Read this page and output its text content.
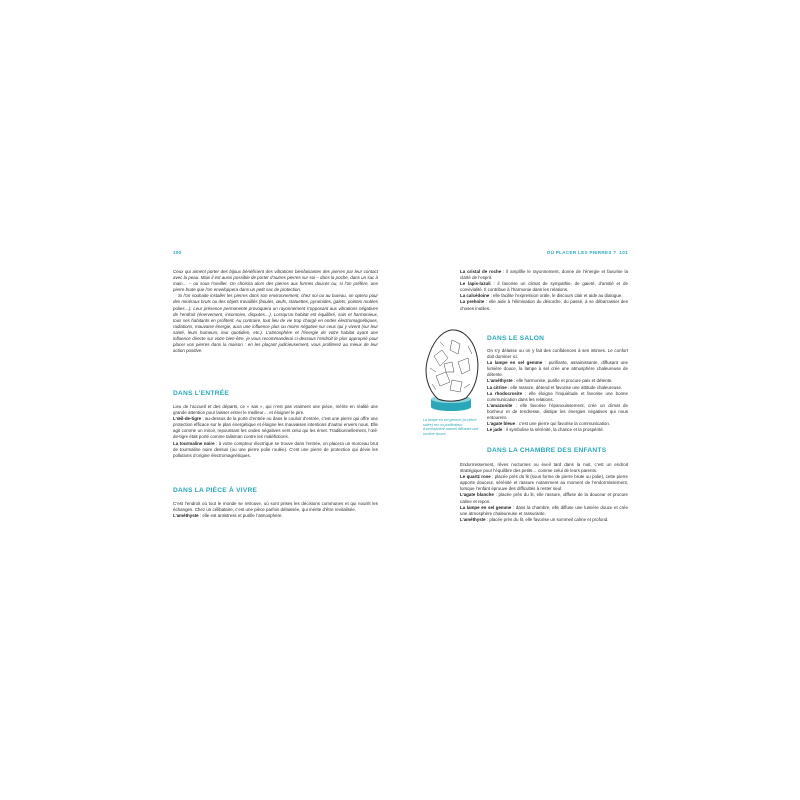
100

Ceux qui aiment porter des bijoux bénéficient des vibrations bienfaisantes des pierres par leur contact avec la peau. Mais il est aussi possible de porter d’autres pierres sur soi – dans la poche, dans un sac à main… – ou sous l’oreiller. On choisira alors des pierres aux formes douces ou, si l’on préfère, une pierre brute que l’on enveloppera dans un petit sac de protection.

Si l’on souhaite installer les pierres dans son environnement, chez soi ou au bureau, on optera pour des minéraux bruts ou des objets travaillés (boules, œufs, statuettes, pyramides, galets, pointes roulées polies…). Leur présence permanente provoquera un rayonnement s’opposant aux vibrations négatives de l’endroit (énervement, insomnies, disputes…). Lorsqu’un habitat est équilibré, sain et harmonieux, tous ses habitants en profitent. Au contraire, tout lieu de vie trop chargé en ondes électromagnétiques, radiations, mauvaise énergie, aura une influence plus ou moins négative sur ceux qui y vivent (sur leur santé, leurs humeurs, leur quotidien, etc.). L’atmosphère et l’énergie de votre habitat ayant une influence directe sur votre bien-être, je vous recommanderai ci-dessous l’endroit le plus approprié pour placer vos pierres dans la maison : en les plaçant judicieusement, vous profiterez au mieux de leur action positive.

DANS L’ENTRÉE

Lieu de l’accueil et des départs, ce « sas », qui n’est pas vraiment une pièce, mérite en réalité une grande attention pour laisser entrer le meilleur… et éloigner le pire.

L’œil-de-tigre : au-dessus de la porte d’entrée ou dans le couloir d’entrée, c’est une pierre qui offre une protection efficace sur le plan énergétique et éloigne les mauvaises intentions d’autrui envers nous. Elle agit comme un miroir, repoussant les ondes négatives vers celui qui les émet. Traditionnellement, l’œil-de-tigre était porté comme talisman contre les maléfictions.

La tourmaline noire : à votre compteur électrique se trouve dans l’entrée, on placera un morceau brut de tourmaline noire dessus (ou une pierre polie roulée). C’est une pierre de protection qui dévie les pollutions d’origine électromagnétiques.

DANS LA PIÈCE À VIVRE

C’est l’endroit où tout le monde se retrouve, où sont prises les décisions communes et qui nourrit les échanges. Chez un célibataire, c’est une pièce parfois délaissée, qui mérite d’être revitalisée.

L’améthyste : elle est antistress et purifie l’atmosphère.

OÙ PLACER LES PIERRES ? 101

La cristal de roche : il amplifie le rayonnement, donne de l’énergie et favorise la clarté de l’esprit.

Le lapis-lazuli : il favorise un climat de sympathie, de gaieté, d’amitié et de convivialité. Il contribue à l’harmonie dans les relations.

La calcédoine : elle facilite l’expression orale, le discours clair et aide au dialogue.

La prehnite : elle aide à l’élimination du désordre, du passé, à se débarrasser des choses inutiles.

La lampe en sel gemme (la pierre salée) est un purificateur d’atmosphère naturel diffusant une lumière douce.
DANS LE SALON

On s’y délasse ou on y fait des confidences à ses intimes. Le confort doit dominer ici.

La lampe en sel gemme : purifiante, assainissante, diffusant une lumière douce, la lampe à sel crée une atmosphère chaleureuse de détente.

L’améthyste : elle harmonise, purifie et procure paix et détente.

La citrine : elle rassure, détend et favorise une attitude chaleureuse.

La rhodocrosite : elle éloigne l’inquiétude et favorise une bonne communication dans les relations.

L’amazonite : elle favorise l’épanouissement, crée un climat de bonheur et de tendresse, dissipe les énergies négatives qui nous entourent.

L’agate bleue : c’est une pierre qui favorise la communication.

Le jade : il symbolise la sérénité, la chance et la prospérité.

DANS LA CHAMBRE DES ENFANTS

Endormissement, rêves nocturnes ou éveil tard dans la nuit, c’est un endroit stratégique pour l’équilibre des petits… comme celui de leurs parents.

Le quartz rose : placée près du lit (sous forme de pierre brute ou polie), cette pierre apporte douceur, sérénité et rassure notamment au moment de l’endormissement, lorsque l’enfant éprouve des difficultés à rester seul.

L’agate blanche : placée près du lit, elle rassure, diffuse de la douceur et procure calme et repos.

La lampe en sel gemme : dans la chambre, elle diffuse une lumière douce et crée une atmosphère chaleureuse et rassurante.

L’améthyste : placée près du lit, elle favorise un sommeil calme et profond.
